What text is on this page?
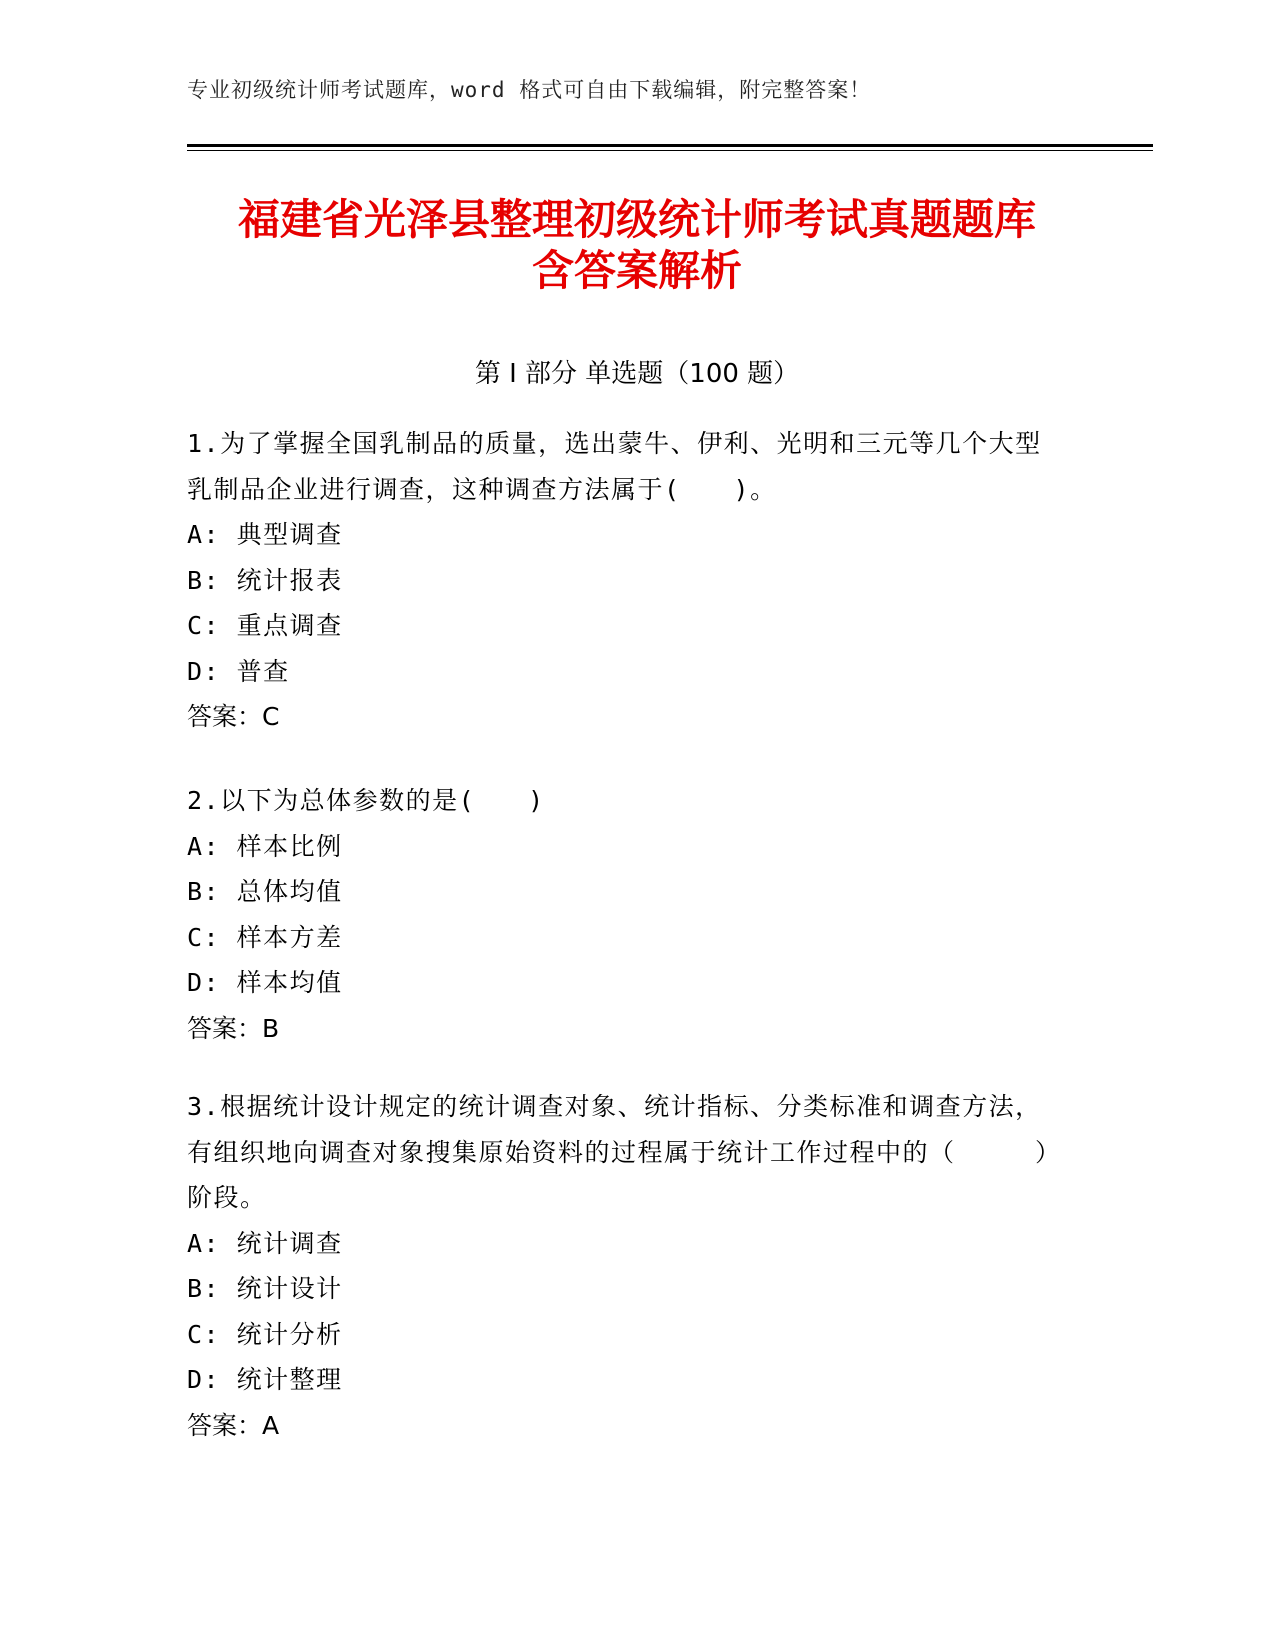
专业初级统计师考试题库，word 格式可自由下载编辑，附完整答案！
福建省光泽县整理初级统计师考试真题题库
含答案解析
第 I 部分 单选题（100 题）

1.为了掌握全国乳制品的质量，选出蒙牛、伊利、光明和三元等几个大型乳制品企业进行调查，这种调查方法属于(　　)。

A: 典型调查

B: 统计报表

C: 重点调查

D: 普查

答案：C

2.以下为总体参数的是(　　)

A: 样本比例

B: 总体均值

C: 样本方差

D: 样本均值

答案：B

3.根据统计设计规定的统计调查对象、统计指标、分类标准和调查方法，有组织地向调查对象搜集原始资料的过程属于统计工作过程中的（　　　）阶段。

A: 统计调查

B: 统计设计

C: 统计分析

D: 统计整理

答案：A
